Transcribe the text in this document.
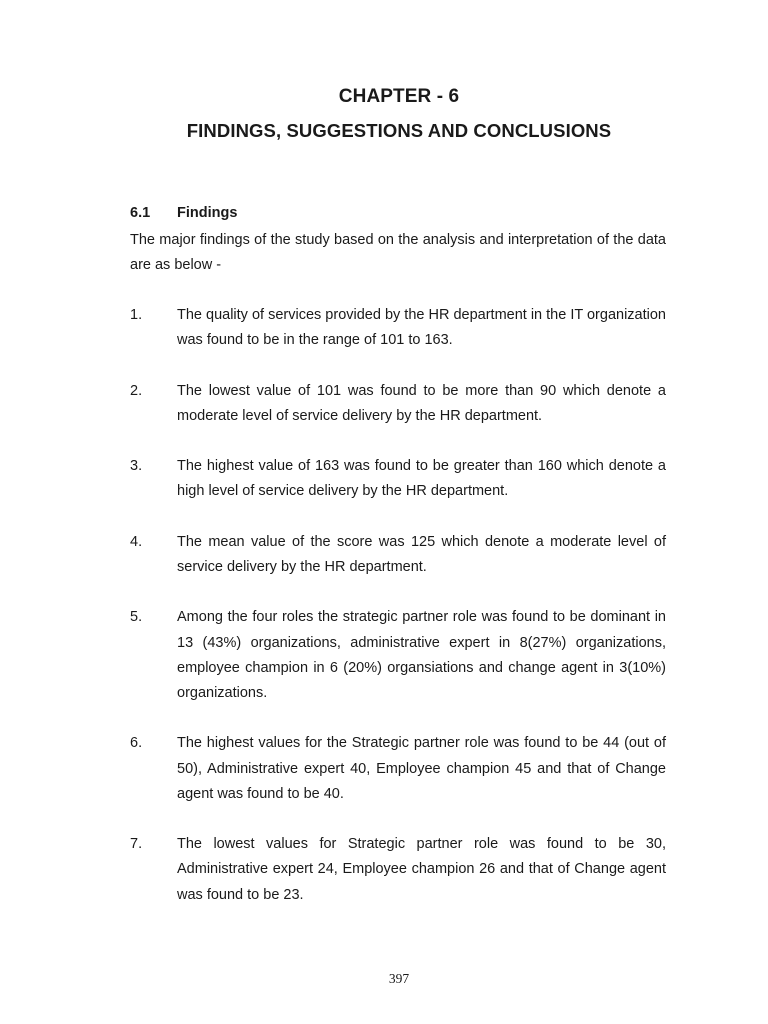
CHAPTER - 6
FINDINGS, SUGGESTIONS AND CONCLUSIONS
6.1 Findings
The major findings of the study based on the analysis and interpretation of the data are as below -
1. The quality of services provided by the HR department in the IT organization was found to be in the range of 101 to 163.
2. The lowest value of 101 was found to be more than 90 which denote a moderate level of service delivery by the HR department.
3. The highest value of 163 was found to be greater than 160 which denote a high level of service delivery by the HR department.
4. The mean value of the score was 125 which denote a moderate level of service delivery by the HR department.
5. Among the four roles the strategic partner role was found to be dominant in 13 (43%) organizations, administrative expert in 8(27%) organizations, employee champion in 6 (20%) organsiations and change agent in 3(10%) organizations.
6. The highest values for the Strategic partner role was found to be 44 (out of 50), Administrative expert 40, Employee champion 45 and that of Change agent was found to be 40.
7. The lowest values for Strategic partner role was found to be 30, Administrative expert 24, Employee champion 26 and that of Change agent was found to be 23.
397
